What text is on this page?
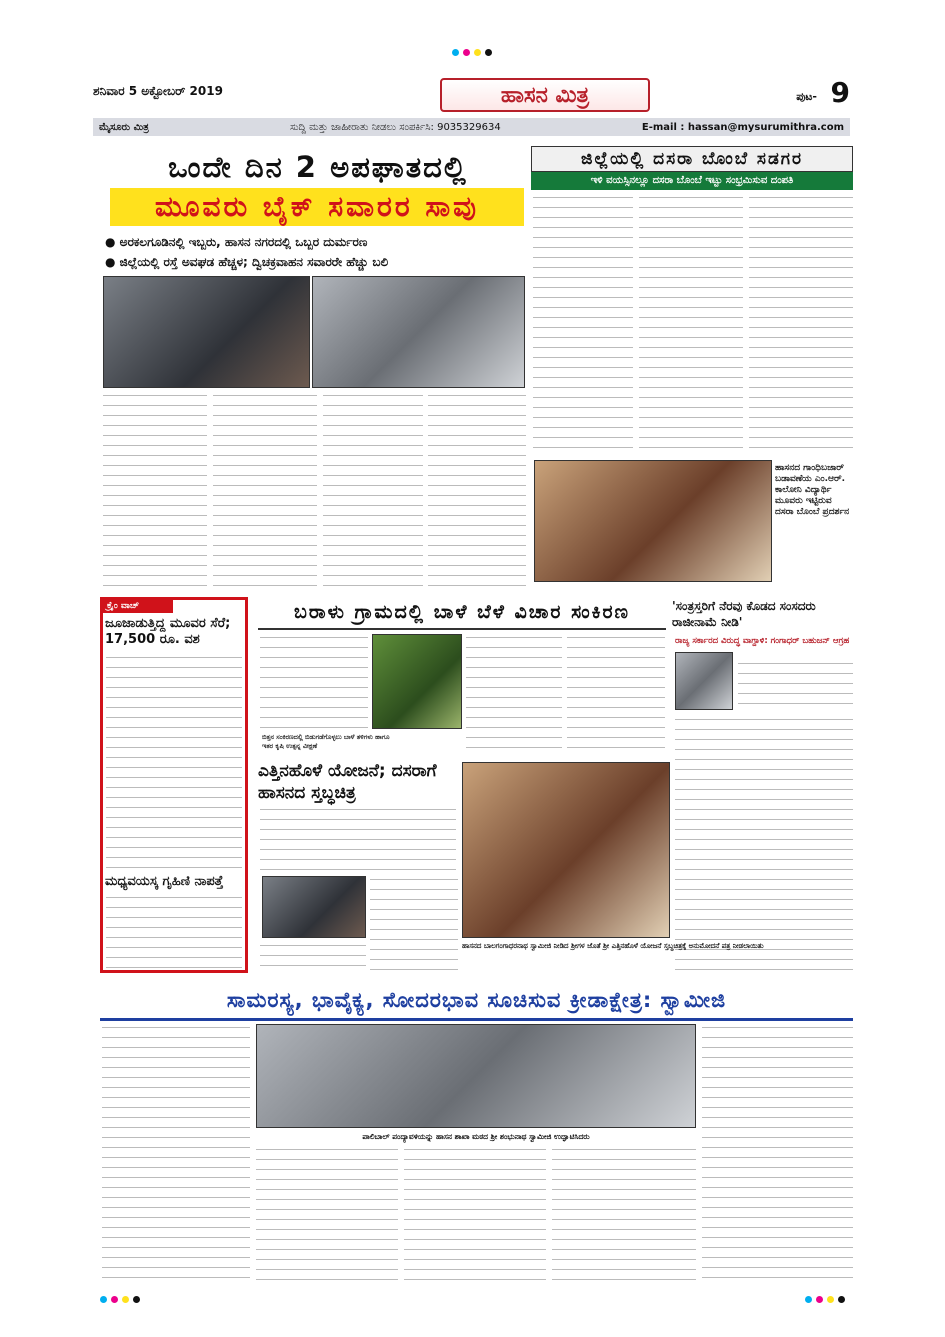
ಶನಿವಾರ 5 ಅಕ್ಟೋಬರ್ 2019	ಹಾಸನ ಮಿತ್ರ	ಪುಟ- 9
ಮೈಸೂರು ಮಿತ್ರ	ಸುದ್ದಿ ಮತ್ತು ಜಾಹೀರಾತು ನೀಡಲು ಸಂಪರ್ಕಿಸಿ: 9035329634	E-mail : hassan@mysurumithra.com
ಒಂದೇ ದಿನ 2 ಅಪಘಾತದಲ್ಲಿ
ಮೂವರು ಬೈಕ್ ಸವಾರರ ಸಾವು
● ಅರಕಲಗೂಡಿನಲ್ಲಿ ಇಬ್ಬರು, ಹಾಸನ ನಗರದಲ್ಲಿ ಒಬ್ಬರ ದುರ್ಮರಣ
● ಜಿಲ್ಲೆಯಲ್ಲಿ ರಸ್ತೆ ಅವಘಡ ಹೆಚ್ಚಳ; ದ್ವಿಚಕ್ರವಾಹನ ಸವಾರರೇ ಹೆಚ್ಚು ಬಲಿ
ಜಿಲ್ಲೆಯಲ್ಲಿ ದಸರಾ ಬೊಂಬೆ ಸಡಗರ
ಇಳಿ ವಯಸ್ಸಿನಲ್ಲೂ ದಸರಾ ಬೊಂಬೆ ಇಟ್ಟು ಸಂಭ್ರಮಿಸುವ ದಂಪತಿ
ಹಾಸನದ ಗಾಂಧಿಬಜಾರ್ ಬಡಾವಣೆಯ ಎಂ.ಆರ್. ಕಾಲೋನಿ ವಿದ್ಯಾರ್ಥಿ ಮೂವರು ಇಟ್ಟಿರುವ ದಸರಾ ಬೊಂಬೆ ಪ್ರದರ್ಶನ
ಕ್ರೈಂ ವಾಚ್
ಜೂಜಾಡುತ್ತಿದ್ದ ಮೂವರ ಸೆರೆ; 17,500 ರೂ. ವಶ
ಮಧ್ಯವಯಸ್ಕ ಗೃಹಿಣಿ ನಾಪತ್ತೆ
ಬರಾಳು ಗ್ರಾಮದಲ್ಲಿ ಬಾಳೆ ಬೆಳೆ ವಿಚಾರ ಸಂಕಿರಣ
ಬಿತ್ತನ ಸಂಕಿರಣದಲ್ಲಿ ಬಿಡುಗಡೆಗೊಳ್ಳಲು ಬಾಳೆ ತಳಿಗಳು ಹಾಗೂ ಇತರ ಕೃಷಿ ಉತ್ಪನ್ನ ವೀಕ್ಷಣೆ
'ಸಂತ್ರಸ್ತರಿಗೆ ನೆರವು ಕೊಡದ ಸಂಸದರು ರಾಜೀನಾಮೆ ನೀಡಿ'
ರಾಜ್ಯ ಸರ್ಕಾರದ ವಿರುದ್ಧ ವಾಗ್ದಾಳಿ: ಗಂಗಾಧರ್ ಬಹುಜನ್ ಆಗ್ರಹ
ಎತ್ತಿನಹೊಳೆ ಯೋಜನೆ; ದಸರಾಗೆ ಹಾಸನದ ಸ್ತಬ್ಧಚಿತ್ರ
ಹಾಸನದ ಬಾಲಗಂಗಾಧರನಾಥ ಸ್ವಾಮೀಜಿ ನೀಡಿದ ಶ್ರೀಗಳ ಜೊತೆ ಶ್ರೀ ಎತ್ತಿನಹೊಳೆ ಯೋಜನೆ ಸ್ತಬ್ಧಚಿತ್ರಕ್ಕೆ ಅನುಮೋದನೆ ಪತ್ರ ನೀಡಲಾಯಿತು
ಸಾಮರಸ್ಯ, ಭಾವೈಕ್ಯ, ಸೋದರಭಾವ ಸೂಚಿಸುವ ಕ್ರೀಡಾಕ್ಷೇತ್ರ: ಸ್ವಾಮೀಜಿ
ಪಾಲಿಬಾಲ್ ಪಂದ್ಯಾವಳಿಯನ್ನು ಹಾಸನ ಶಾಖಾ ಮಠದ ಶ್ರೀ ಶಂಭುನಾಥ ಸ್ವಾಮೀಜಿ ಉದ್ಘಾಟಿಸಿದರು
